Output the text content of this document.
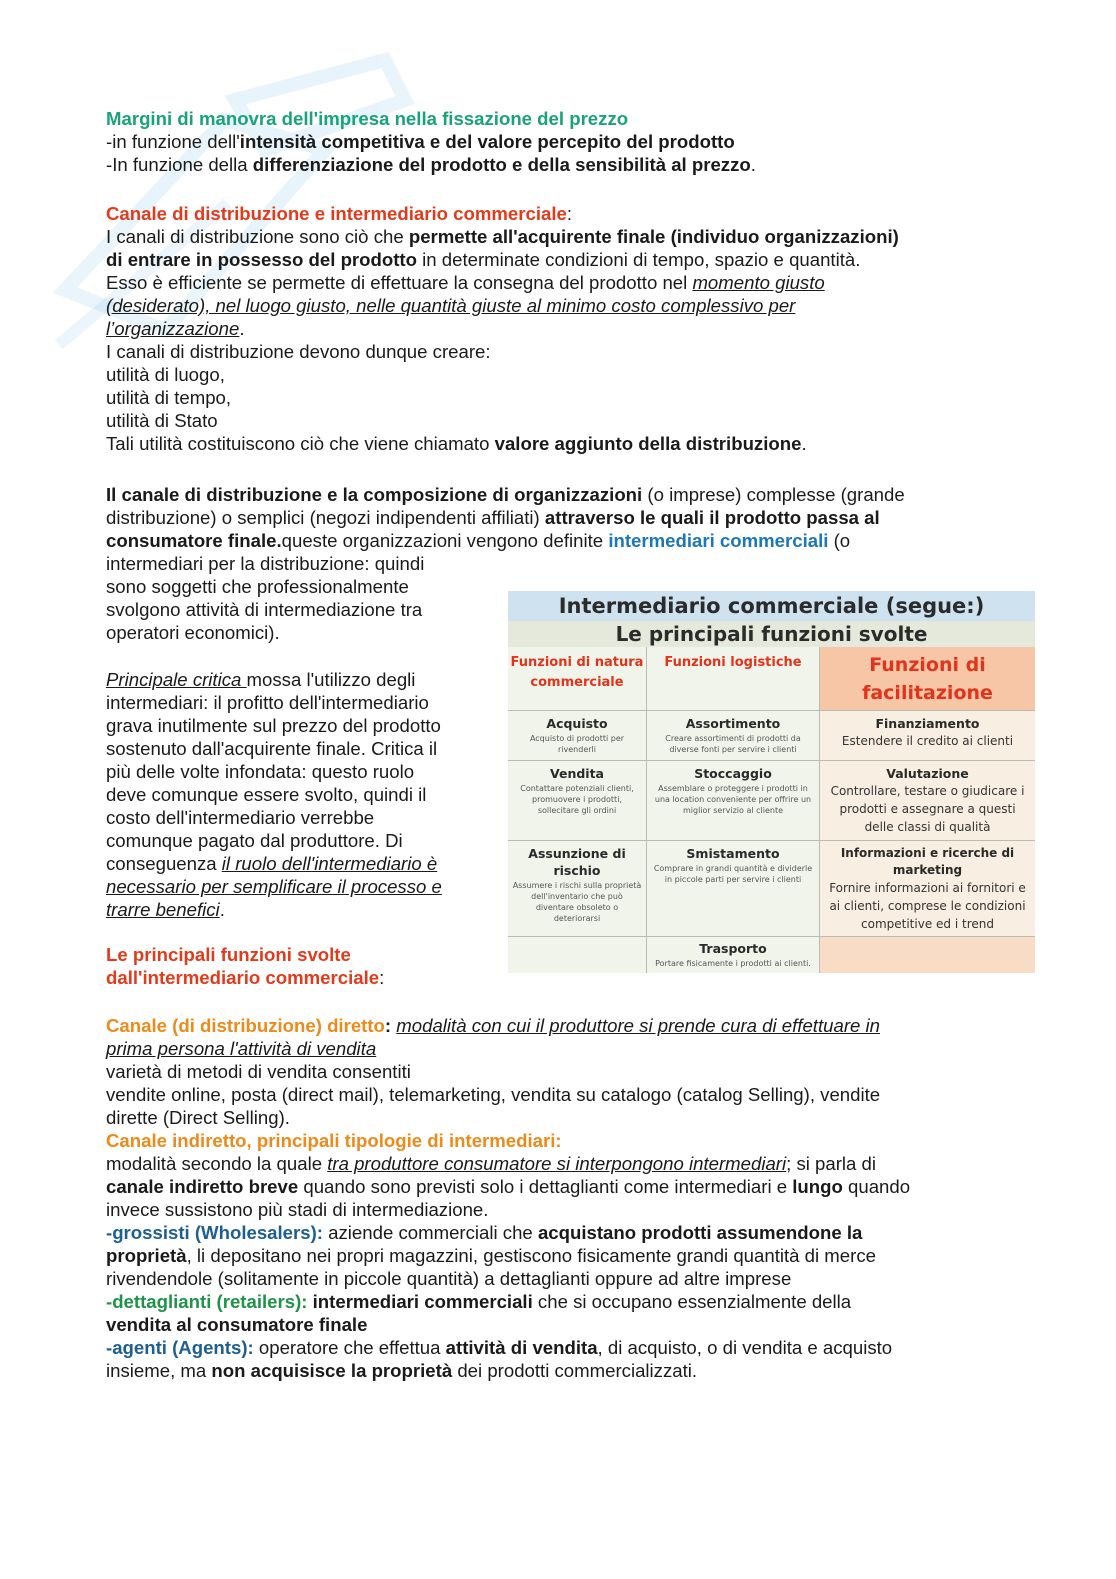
Margini di manovra dell'impresa nella fissazione del prezzo
-in funzione dell'intensità competitiva e del valore percepito del prodotto
-In funzione della differenziazione del prodotto e della sensibilità al prezzo.
Canale di distribuzione e intermediario commerciale:
I canali di distribuzione sono ciò che permette all'acquirente finale (individuo organizzazioni)
di entrare in possesso del prodotto in determinate condizioni di tempo, spazio e quantità.
Esso è efficiente se permette di effettuare la consegna del prodotto nel momento giusto
(desiderato), nel luogo giusto, nelle quantità giuste al minimo costo complessivo per
l’organizzazione.
I canali di distribuzione devono dunque creare:
utilità di luogo,
utilità di tempo,
utilità di Stato
Tali utilità costituiscono ciò che viene chiamato valore aggiunto della distribuzione.
Il canale di distribuzione e la composizione di organizzazioni (o imprese) complesse (grande
distribuzione) o semplici (negozi indipendenti affiliati) attraverso le quali il prodotto passa al
consumatore finale.queste organizzazioni vengono definite intermediari commerciali (o
intermediari per la distribuzione: quindi
sono soggetti che professionalmente
svolgono attività di intermediazione tra
operatori economici).
Principale critica mossa l'utilizzo degli
intermediari: il profitto dell'intermediario
grava inutilmente sul prezzo del prodotto
sostenuto dall'acquirente finale. Critica il
più delle volte infondata: questo ruolo
deve comunque essere svolto, quindi il
costo dell'intermediario verrebbe
comunque pagato dal produttore. Di
conseguenza il ruolo dell'intermediario è
necessario per semplificare il processo e
trarre benefici.
Le principali funzioni svolte
dall'intermediario commerciale:
Intermediario commerciale (segue:)
Le principali funzioni svolte
Funzioni di natura commerciale
Funzioni logistiche	Funzioni di facilitazione
Acquisto
Acquisto di prodotti per rivenderli
Assortimento
Creare assortimenti di prodotti da diverse fonti per servire i clienti
Finanziamento
Estendere il credito ai clienti
Vendita
Contattare potenziali clienti, promuovere i prodotti, sollecitare gli ordini
Stoccaggio
Assemblare o proteggere i prodotti in una location conveniente per offrire un miglior servizio al cliente
Valutazione
Controllare, testare o giudicare i prodotti e assegnare a questi delle classi di qualità
Assunzione di rischio
Assumere i rischi sulla proprietà dell'inventario che può diventare obsoleto o deteriorarsi
Smistamento
Comprare in grandi quantità e dividerle in piccole parti per servire i clienti
Informazioni e ricerche di marketing
Fornire informazioni ai fornitori e ai clienti, comprese le condizioni competitive ed i trend
Trasporto
Portare fisicamente i prodotti ai clienti.
Canale (di distribuzione) diretto: modalità con cui il produttore si prende cura di effettuare in
prima persona l'attività di vendita
varietà di metodi di vendita consentiti
vendite online, posta (direct mail), telemarketing, vendita su catalogo (catalog Selling), vendite
dirette (Direct Selling).
Canale indiretto, principali tipologie di intermediari:
modalità secondo la quale tra produttore consumatore si interpongono intermediari; si parla di
canale indiretto breve quando sono previsti solo i dettaglianti come intermediari e lungo quando
invece sussistono più stadi di intermediazione.
-grossisti (Wholesalers): aziende commerciali che acquistano prodotti assumendone la
proprietà, li depositano nei propri magazzini, gestiscono fisicamente grandi quantità di merce
rivendendole (solitamente in piccole quantità) a dettaglianti oppure ad altre imprese
-dettaglianti (retailers): intermediari commerciali che si occupano essenzialmente della
vendita al consumatore finale
-agenti (Agents): operatore che effettua attività di vendita, di acquisto, o di vendita e acquisto
insieme, ma non acquisisce la proprietà dei prodotti commercializzati.
